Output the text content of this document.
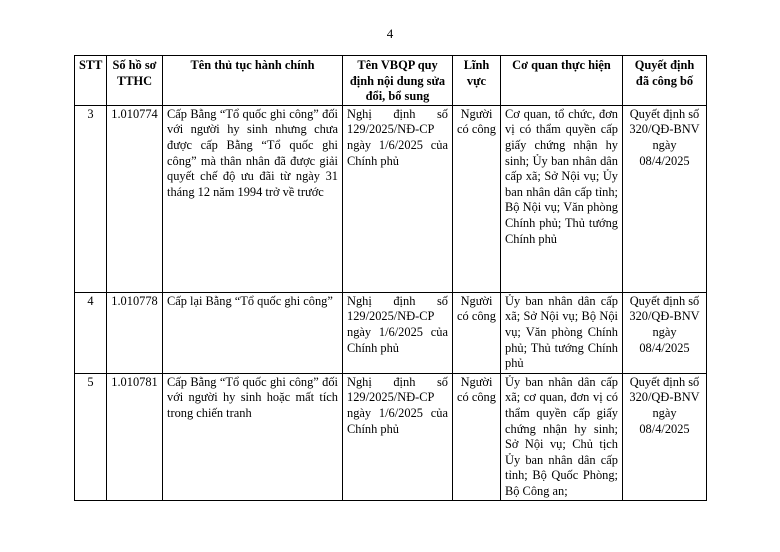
4
STT	Số hồ sơ TTHC	Tên thủ tục hành chính	Tên VBQP quy định nội dung sửa đổi, bổ sung	Lĩnh vực	Cơ quan thực hiện	Quyết định đã công bố
3	1.010774	Cấp Bằng “Tổ quốc ghi công” đối với người hy sinh nhưng chưa được cấp Bằng “Tổ quốc ghi công” mà thân nhân đã được giải quyết chế độ ưu đãi từ ngày 31 tháng 12 năm 1994 trở về trước	Nghị định số 129/2025/NĐ-CP ngày 1/6/2025 của Chính phủ	Người có công	Cơ quan, tổ chức, đơn vị có thẩm quyền cấp giấy chứng nhận hy sinh; Ủy ban nhân dân cấp xã; Sở Nội vụ; Ủy ban nhân dân cấp tỉnh; Bộ Nội vụ; Văn phòng Chính phủ; Thủ tướng Chính phủ	Quyết định số 320/QĐ-BNV ngày 08/4/2025
4	1.010778	Cấp lại Bằng “Tổ quốc ghi công”	Nghị định số 129/2025/NĐ-CP ngày 1/6/2025 của Chính phủ	Người có công	Ủy ban nhân dân cấp xã; Sở Nội vụ; Bộ Nội vụ; Văn phòng Chính phủ; Thủ tướng Chính phủ	Quyết định số 320/QĐ-BNV ngày 08/4/2025
5	1.010781	Cấp Bằng “Tổ quốc ghi công” đối với người hy sinh hoặc mất tích trong chiến tranh	Nghị định số 129/2025/NĐ-CP ngày 1/6/2025 của Chính phủ	Người có công	Ủy ban nhân dân cấp xã; cơ quan, đơn vị có thẩm quyền cấp giấy chứng nhận hy sinh; Sở Nội vụ; Chủ tịch Ủy ban nhân dân cấp tỉnh; Bộ Quốc Phòng; Bộ Công an;	Quyết định số 320/QĐ-BNV ngày 08/4/2025
